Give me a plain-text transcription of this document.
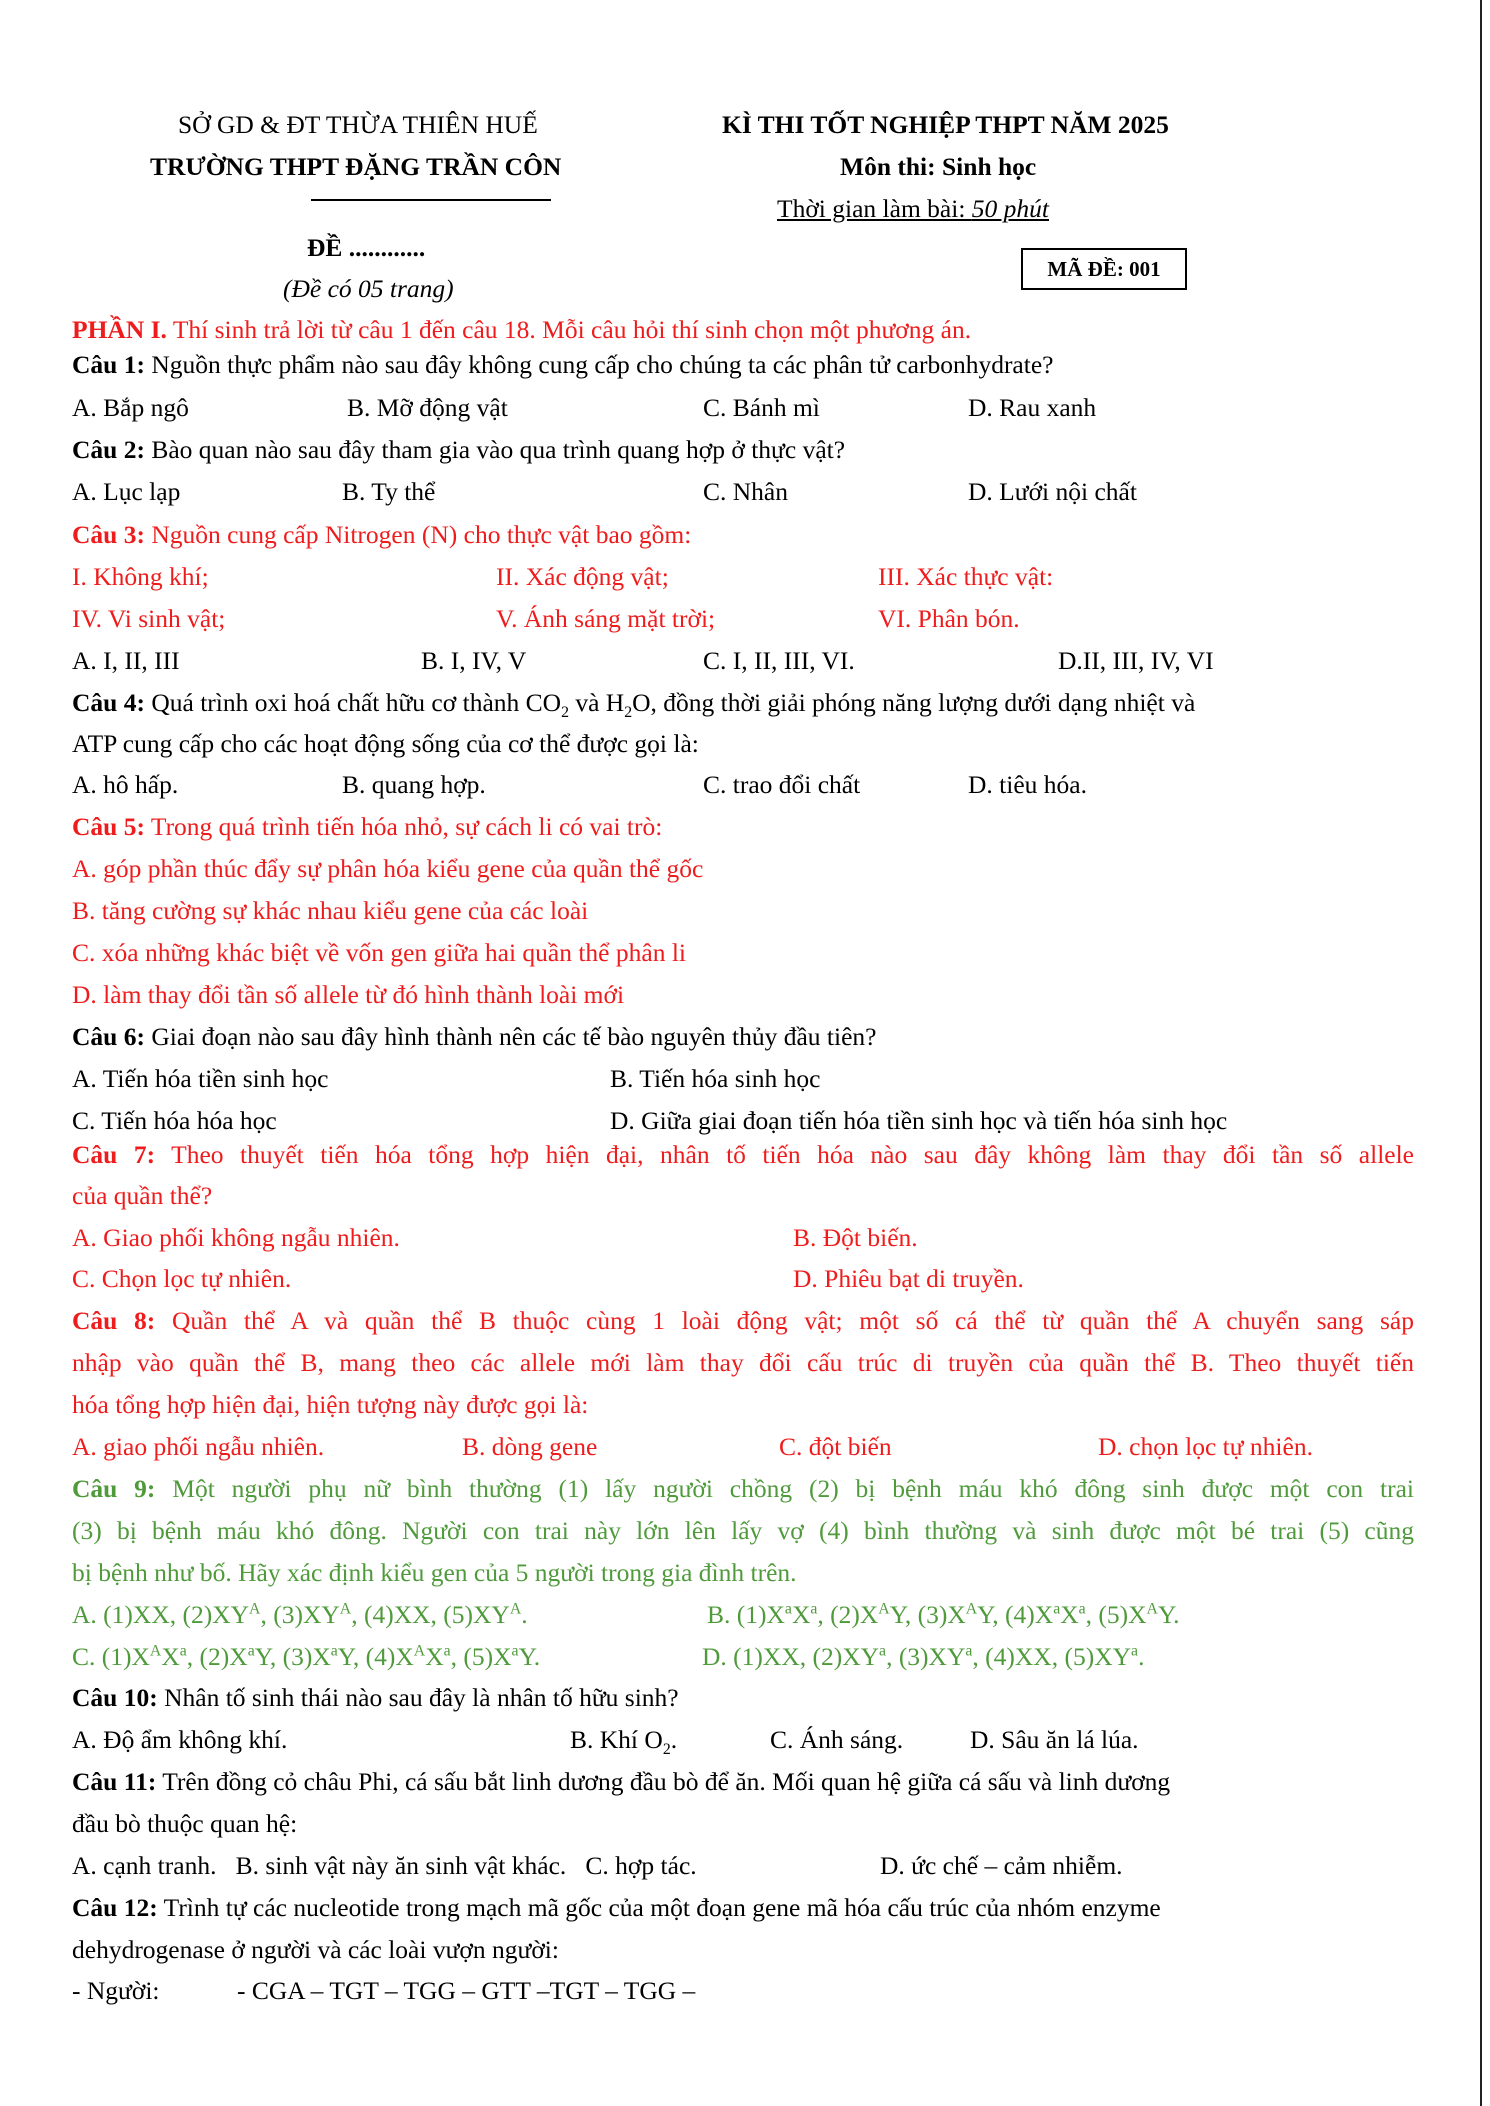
SỞ GD & ĐT THỪA THIÊN HUẾ
TRƯỜNG THPT ĐẶNG TRẦN CÔN
ĐỀ ............
(Đề có 05 trang)
KÌ THI TỐT NGHIỆP THPT NĂM 2025
Môn thi: Sinh học
Thời gian làm bài: 50 phút
MÃ ĐỀ: 001
PHẦN I. Thí sinh trả lời từ câu 1 đến câu 18. Mỗi câu hỏi thí sinh chọn một phương án.
Câu 1: Nguồn thực phẩm nào sau đây không cung cấp cho chúng ta các phân tử carbonhydrate?
A. Bắp ngô	B. Mỡ động vật	C. Bánh mì	D. Rau xanh
Câu 2: Bào quan nào sau đây tham gia vào qua trình quang hợp ở thực vật?
A. Lục lạp	B. Ty thể	C. Nhân	D. Lưới nội chất
Câu 3: Nguồn cung cấp Nitrogen (N) cho thực vật bao gồm:
I. Không khí;	II. Xác động vật;	III. Xác thực vật:
IV. Vi sinh vật;	V. Ánh sáng mặt trời;	VI. Phân bón.
A. I, II, III	B. I, IV, V	C. I, II, III, VI.	D.II, III, IV, VI
Câu 4: Quá trình oxi hoá chất hữu cơ thành $CO_2$ và $H_2O$, đồng thời giải phóng năng lượng dưới dạng nhiệt và
ATP cung cấp cho các hoạt động sống của cơ thể được gọi là:
A. hô hấp.	B. quang hợp.	C. trao đổi chất	D. tiêu hóa.
Câu 5: Trong quá trình tiến hóa nhỏ, sự cách li có vai trò:
A. góp phần thúc đẩy sự phân hóa kiểu gene của quần thể gốc
B. tăng cường sự khác nhau kiểu gene của các loài
C. xóa những khác biệt về vốn gen giữa hai quần thể phân li
D. làm thay đổi tần số allele từ đó hình thành loài mới
Câu 6: Giai đoạn nào sau đây hình thành nên các tế bào nguyên thủy đầu tiên?
A. Tiến hóa tiền sinh học	B. Tiến hóa sinh học
C. Tiến hóa hóa học	D. Giữa giai đoạn tiến hóa tiền sinh học và tiến hóa sinh học
Câu 7: Theo thuyết tiến hóa tổng hợp hiện đại, nhân tố tiến hóa nào sau đây không làm thay đổi tần số allele
của quần thể?
A. Giao phối không ngẫu nhiên.	B. Đột biến.
C. Chọn lọc tự nhiên.	D. Phiêu bạt di truyền.
Câu 8: Quần thể A và quần thể B thuộc cùng 1 loài động vật; một số cá thể từ quần thể A chuyển sang sáp
nhập vào quần thể B, mang theo các allele mới làm thay đổi cấu trúc di truyền của quần thể B. Theo thuyết tiến
hóa tổng hợp hiện đại, hiện tượng này được gọi là:
A. giao phối ngẫu nhiên.	B. dòng gene	C. đột biến	D. chọn lọc tự nhiên.
Câu 9: Một người phụ nữ bình thường (1) lấy người chồng (2) bị bệnh máu khó đông sinh được một con trai
(3) bị bệnh máu khó đông. Người con trai này lớn lên lấy vợ (4) bình thường và sinh được một bé trai (5) cũng
bị bệnh như bố. Hãy xác định kiểu gen của 5 người trong gia đình trên.
A. (1)XX, $(2)XY^A$, $(3)XY^A$, (4)XX, $(5)XY^A$.	B. $(1)X^aX^a$, $(2)X^AY$, $(3)X^AY$, $(4)X^aX^a$, $(5)X^AY$.
C. $(1)X^AX^a$, $(2)X^aY$, $(3)X^aY$, $(4)X^AX^a$, $(5)X^aY$.	D. (1)XX, $(2)XY^a$, $(3)XY^a$, (4)XX, $(5)XY^a$.
Câu 10: Nhân tố sinh thái nào sau đây là nhân tố hữu sinh?
A. Độ ẩm không khí.	B. Khí $O_2$.	C. Ánh sáng.	D. Sâu ăn lá lúa.
Câu 11: Trên đồng cỏ châu Phi, cá sấu bắt linh dương đầu bò để ăn. Mối quan hệ giữa cá sấu và linh dương
đầu bò thuộc quan hệ:
A. cạnh tranh.   B. sinh vật này ăn sinh vật khác.   C. hợp tác.	D. ức chế – cảm nhiễm.
Câu 12: Trình tự các nucleotide trong mạch mã gốc của một đoạn gene mã hóa cấu trúc của nhóm enzyme
dehydrogenase ở người và các loài vượn người:
- Người:	- CGA – TGT – TGG – GTT –TGT – TGG –
